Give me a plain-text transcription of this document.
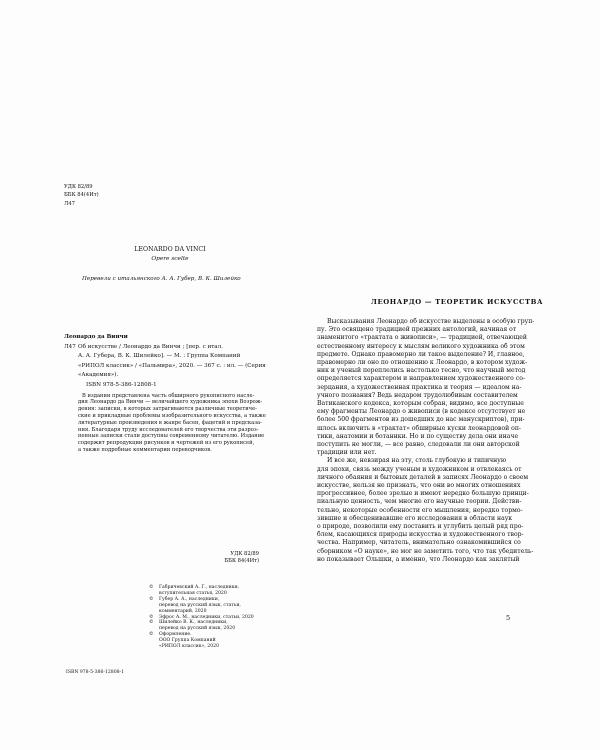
УДК 82/89
ББК 84(4Ит)
Л47
LEONARDO DA VINCI
Opere scelte
Перевели с итальянского А. А. Губер, В. К. Шилейко
Леонардо да Винчи
Л47 Об искусстве / Леонардо да Винчи ; [пер. с итал.
А. А. Губера, В. К. Шилейко]. — М. : Группа Компаний
«РИПОЛ классик» / «Пальмира», 2020. — 367 с. : ил. — (Серия
«Академия»).
ISBN 978-5-386-12808-1
В издании представлена часть обширного рукописного насле-
дия Леонардо да Винчи — величайшего художника эпохи Возрож-
дения: записки, в которых затрагиваются различные теоретиче-
ские и прикладные проблемы изобразительного искусства, а также
литературные произведения в жанре басен, фацетий и предсказа-
ния. Благодаря труду исследователей его творчества эти разроз-
ненные записки стали доступны современному читателю. Издание
содержит репродукции рисунков и чертежей из его рукописей,
а также подробные комментарии переводчиков.
УДК 82/89
ББК 84(4Ит)
© Габричевский А. Г., наследники,
вступительная статья, 2020
© Губер А. А., наследники,
перевод на русский язык, статьи,
комментарий, 2020
© Эфрос А. М., наследники, статьи, 2020
© Шилейко В. К., наследники,
перевод на русский язык, 2020
© Оформление.
ООО Группа Компаний
«РИПОЛ классик», 2020
ISBN 978-5-386-12808-1
ЛЕОНАРДО — ТЕОРЕТИК ИСКУССТВА
Высказывания Леонардо об искусстве выделены в особую груп-
пу. Это освящено традицией прежних антологий, начиная от
знаменитого «трактата о живописи», — традицией, отвечающей
естественному интересу к мыслям великого художника об этом
предмете. Однако правомерно ли такое выделение? И, главное,
правомерно ли оно по отношению к Леонардо, в котором худож-
ник и ученый переплелись настолько тесно, что научный метод
определяется характером и направлением художественного со-
зерцания, а художественная практика и теория — идеалом на-
учного познания? Ведь недаром трудолюбивым составителем
Ватиканского кодекса, которым собран, видимо, все доступные
ему фрагменты Леонардо о живописи (в кодексе отсутствует не
более 500 фрагментов из дошедших до нас манускриптов), при-
шлось включить в «трактат» обширные куски леонардовой оп-
тики, анатомии и ботаники. Но и по существу дела они иначе
поступить не могли, — все равно, следовали ли они авторской
традиции или нет.
И все же, невзирая на эту, столь глубокую и типичную
для эпохи, связь между ученым и художником и отвлекаясь от
личного обаяния и бытовых деталей в записях Леонардо о своем
искусстве, нельзя не признать, что они во многих отношениях
прогрессивнее, более зрелые и имеют нередко большую принци-
пиальную ценность, чем многие его научные теории. Действи-
тельно, некоторые особенности его мышления, нередко тормо-
зившие и обесценивавшие его исследования в области наук
о природе, позволили ему поставить и углубить целый ряд про-
блем, касающихся природы искусства и художественного твор-
чества. Например, читатель, внимательно ознакомившийся со
сборником «О науке», не мог не заметить того, что так убедитель-
но показывает Ольшки, а именно, что Леонардо как заклятый
5
